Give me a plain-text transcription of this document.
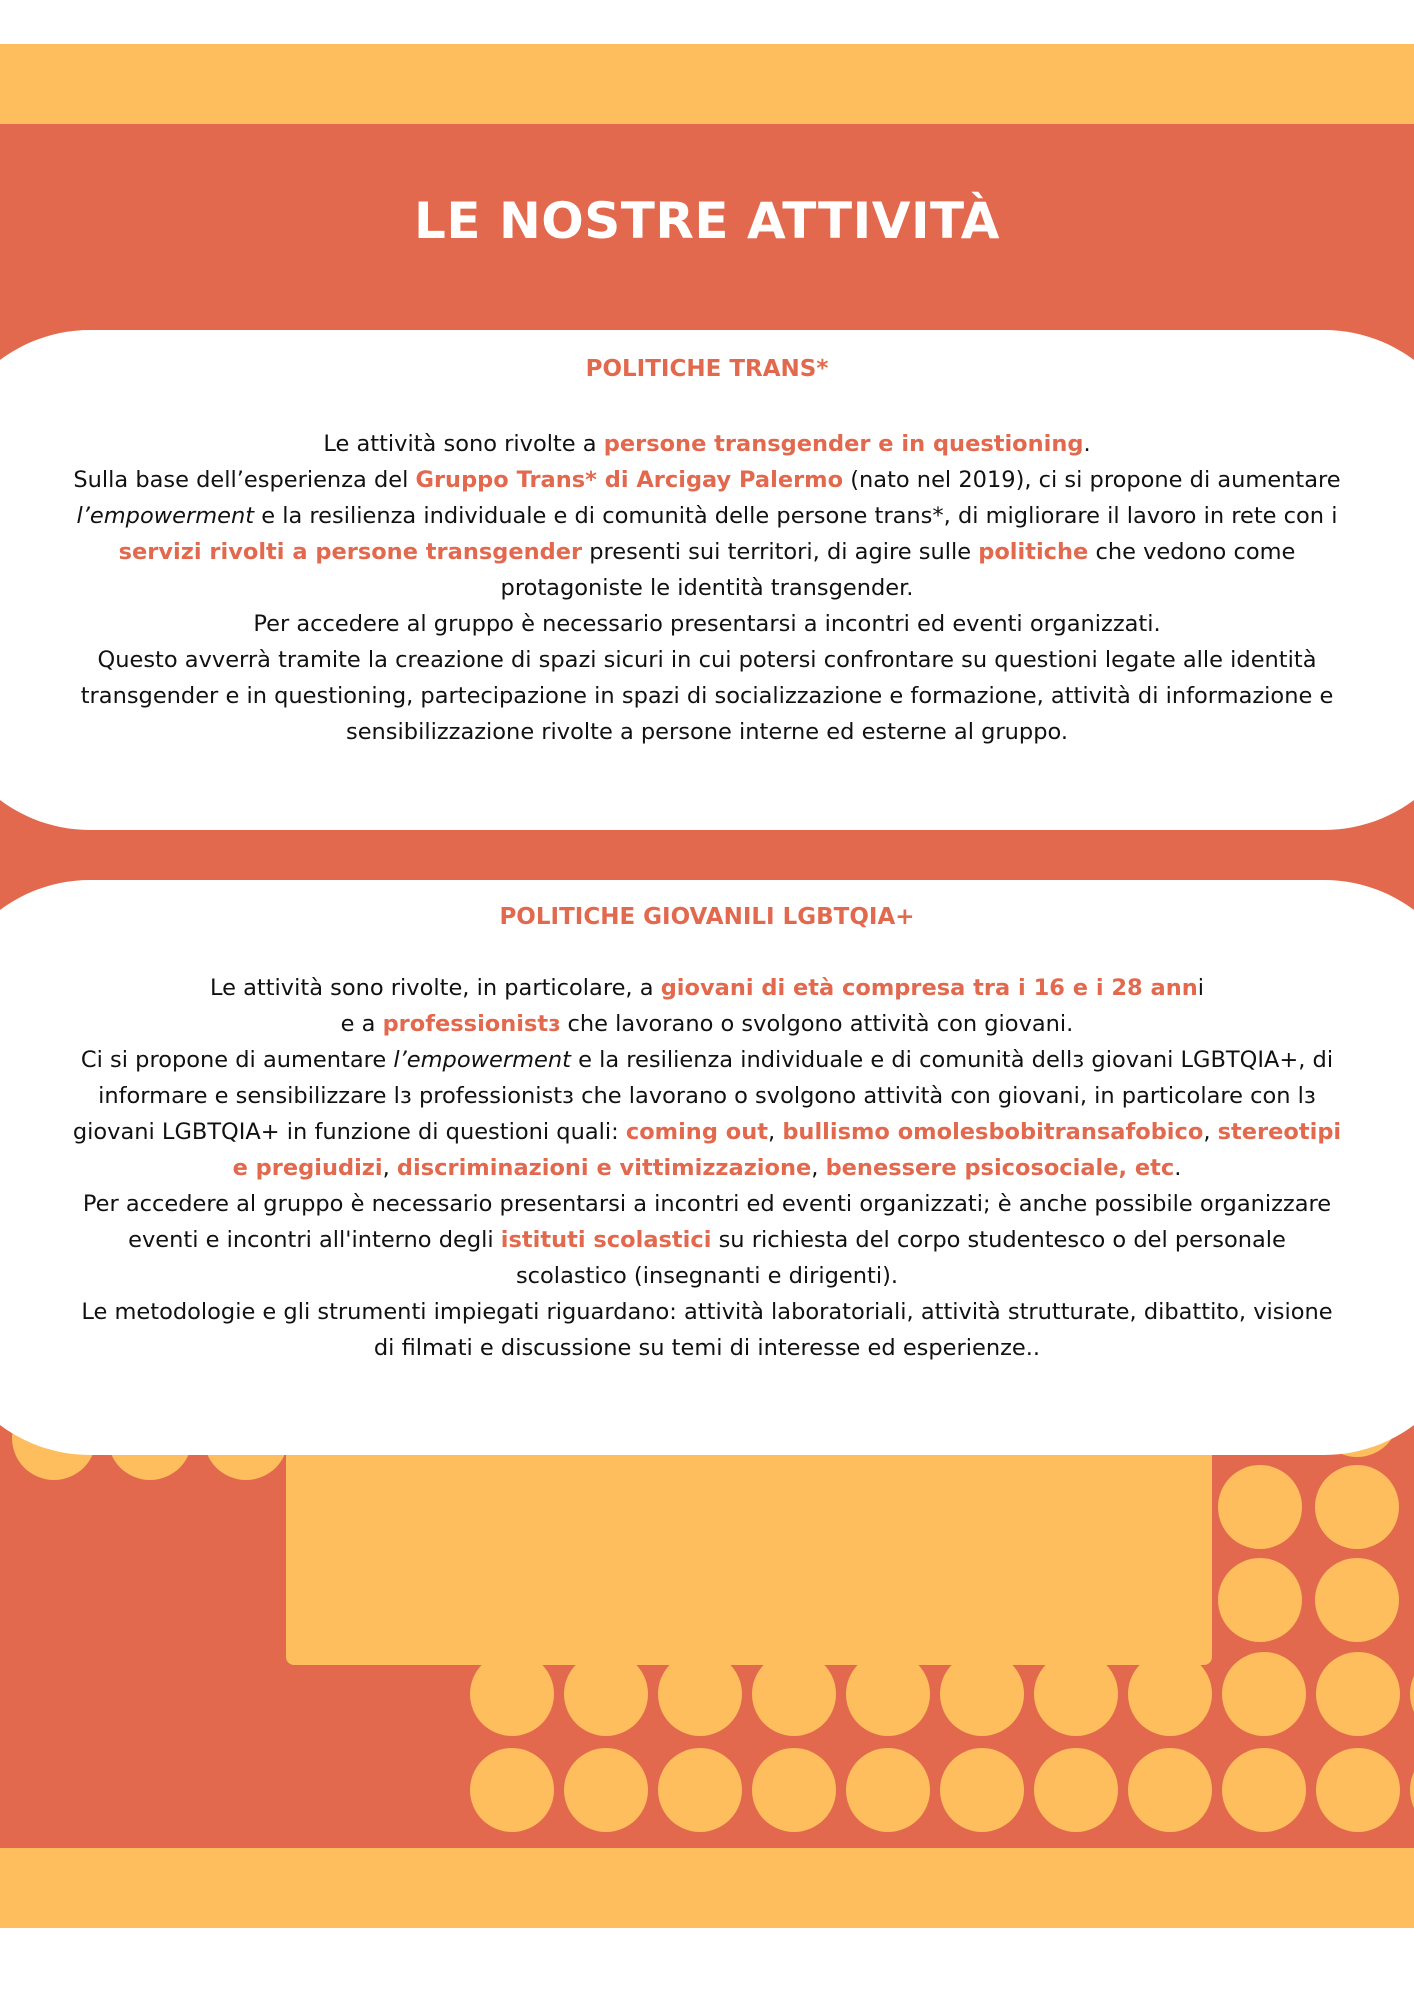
LE NOSTRE ATTIVITÀ
POLITICHE TRANS*

Le attività sono rivolte a persone transgender e in questioning.

Sulla base dell’esperienza del Gruppo Trans* di Arcigay Palermo (nato nel 2019), ci si propone di aumentare l’empowerment e la resilienza individuale e di comunità delle persone trans*, di migliorare il lavoro in rete con i servizi rivolti a persone transgender presenti sui territori, di agire sulle politiche che vedono come protagoniste le identità transgender.

Per accedere al gruppo è necessario presentarsi a incontri ed eventi organizzati.

Questo avverrà tramite la creazione di spazi sicuri in cui potersi confrontare su questioni legate alle identità transgender e in questioning, partecipazione in spazi di socializzazione e formazione, attività di informazione e sensibilizzazione rivolte a persone interne ed esterne al gruppo.

POLITICHE GIOVANILI LGBTQIA+

Le attività sono rivolte, in particolare, a giovani di età compresa tra i 16 e i 28 anni

e a professionistɜ che lavorano o svolgono attività con giovani.

Ci si propone di aumentare l’empowerment e la resilienza individuale e di comunità dellɜ giovani LGBTQIA+, di informare e sensibilizzare lɜ professionistɜ che lavorano o svolgono attività con giovani, in particolare con lɜ giovani LGBTQIA+ in funzione di questioni quali: coming out, bullismo omolesbobitransafobico, stereotipi e pregiudizi, discriminazioni e vittimizzazione, benessere psicosociale, etc.

Per accedere al gruppo è necessario presentarsi a incontri ed eventi organizzati; è anche possibile organizzare eventi e incontri all'interno degli istituti scolastici su richiesta del corpo studentesco o del personale scolastico (insegnanti e dirigenti).

Le metodologie e gli strumenti impiegati riguardano: attività laboratoriali, attività strutturate, dibattito, visione di filmati e discussione su temi di interesse ed esperienze..
